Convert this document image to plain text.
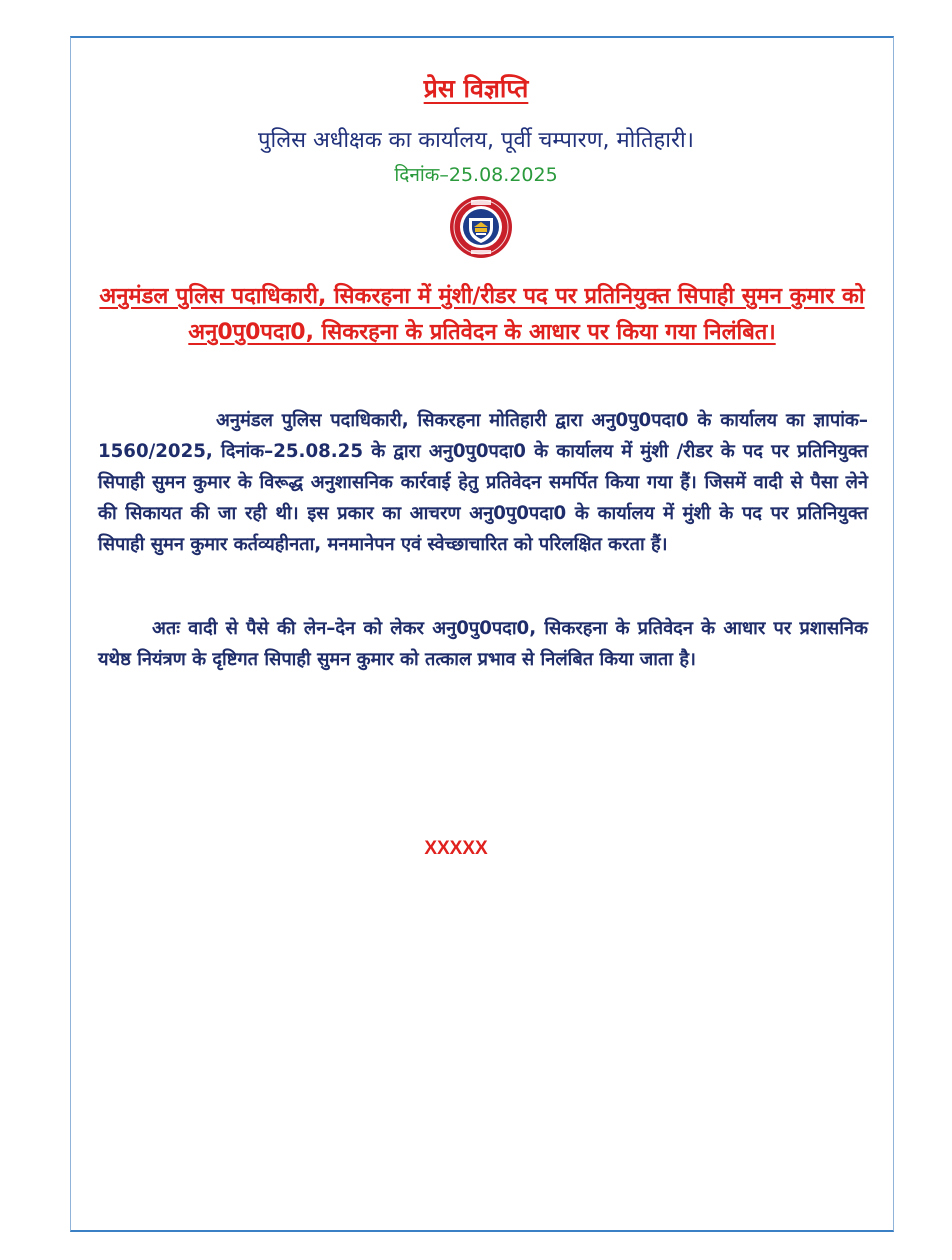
प्रेस विज्ञप्ति
पुलिस अधीक्षक का कार्यालय, पूर्वी चम्पारण, मोतिहारी।
दिनांक–25.08.2025
अनुमंडल पुलिस पदाधिकारी, सिकरहना में मुंशी/रीडर पद पर प्रतिनियुक्त सिपाही सुमन कुमार को अनु0पु0पदा0, सिकरहना के प्रतिवेदन के आधार पर किया गया निलंबित।
अनुमंडल पुलिस पदाधिकारी, सिकरहना मोतिहारी द्वारा अनु0पु0पदा0 के कार्यालय का ज्ञापांक–1560/2025, दिनांक–25.08.25 के द्वारा अनु0पु0पदा0 के कार्यालय में मुंशी /रीडर के पद पर प्रतिनियुक्त सिपाही सुमन कुमार के विरूद्ध अनुशासनिक कार्रवाई हेतु प्रतिवेदन समर्पित किया गया हैं। जिसमें वादी से पैसा लेने की सिकायत की जा रही थी। इस प्रकार का आचरण अनु0पु0पदा0 के कार्यालय में मुंशी के पद पर प्रतिनियुक्त सिपाही सुमन कुमार कर्तव्यहीनता, मनमानेपन एवं स्वेच्छाचारित को परिलक्षित करता हैं।
अतः वादी से पैसे की लेन–देन को लेकर अनु0पु0पदा0, सिकरहना के प्रतिवेदन के आधार पर प्रशासनिक यथेष्ठ नियंत्रण के दृष्टिगत सिपाही सुमन कुमार को तत्काल प्रभाव से निलंबित किया जाता है।
XXXXX
